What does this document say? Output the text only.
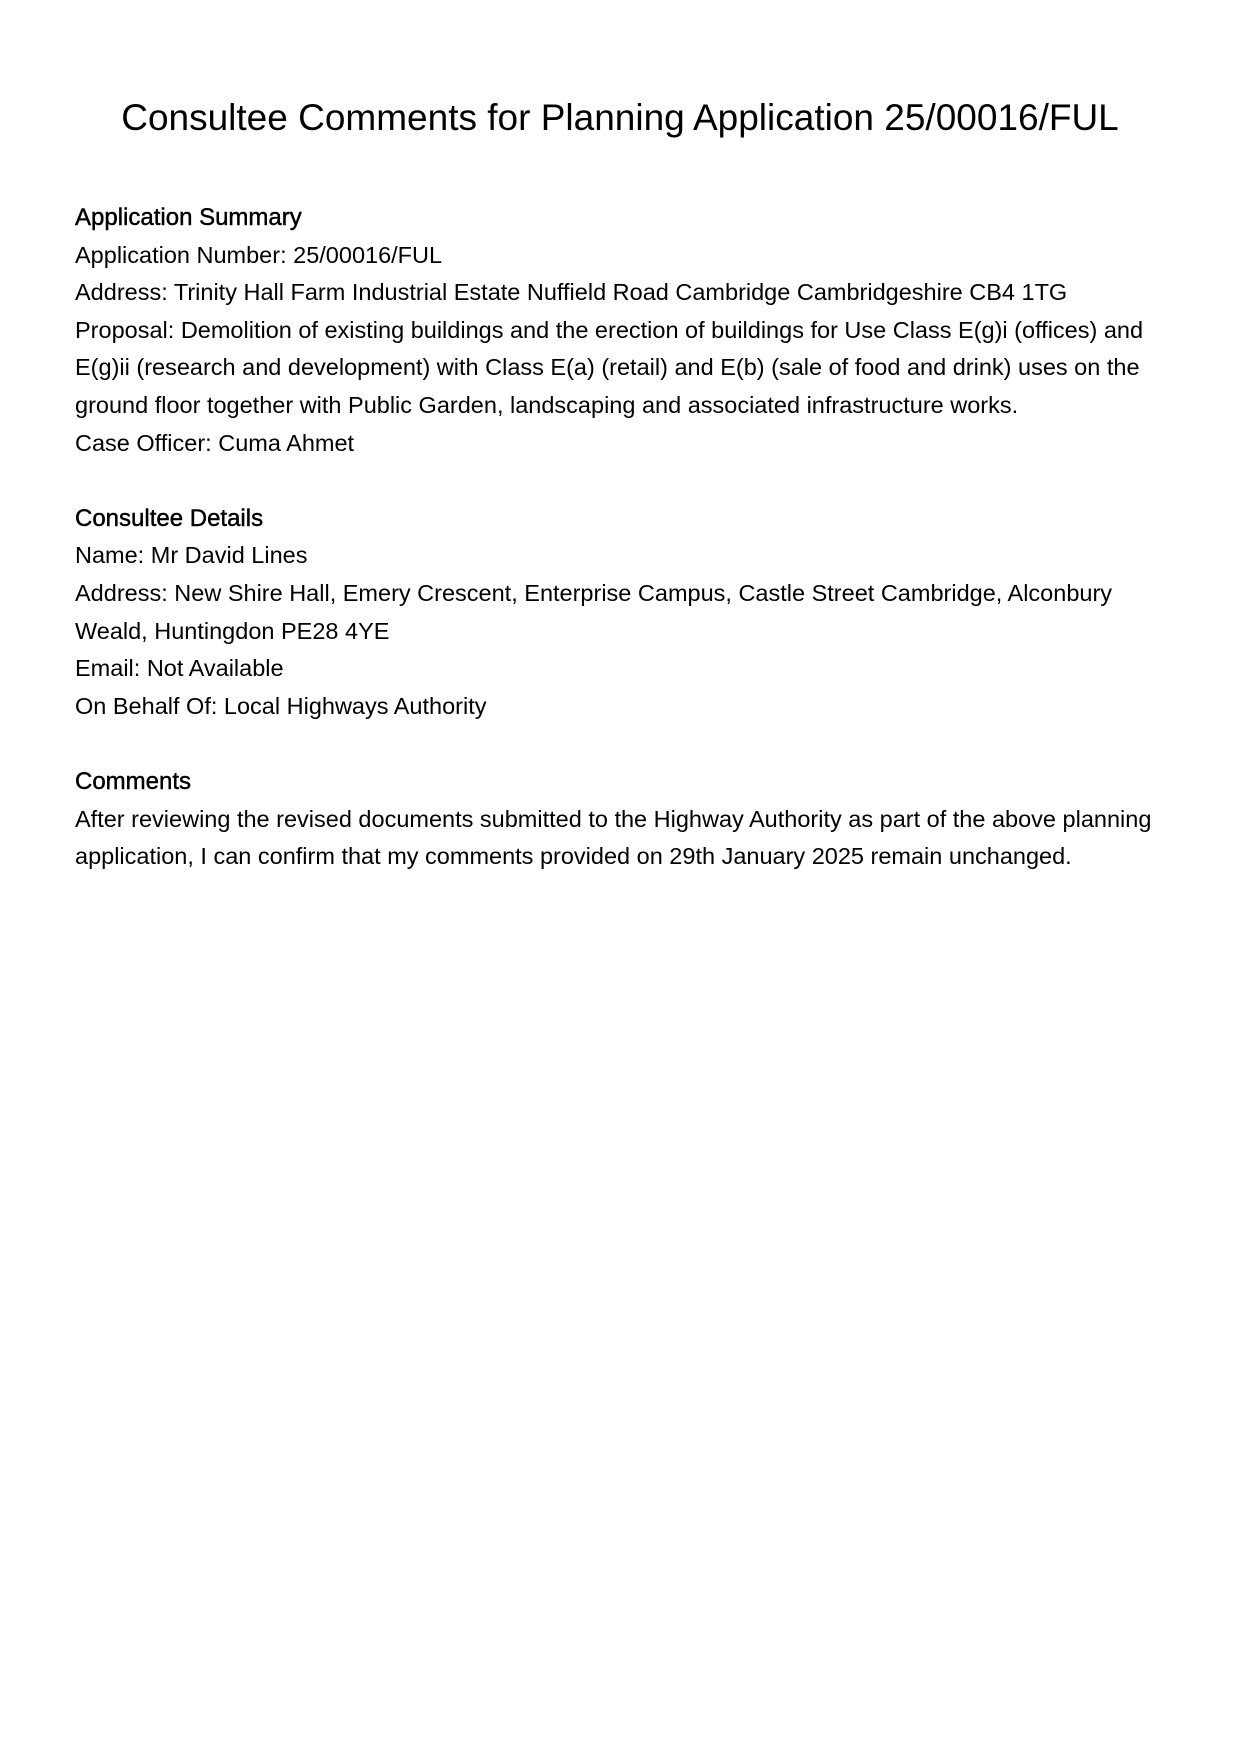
Consultee Comments for Planning Application 25/00016/FUL
Application Summary

Application Number: 25/00016/FUL

Address: Trinity Hall Farm Industrial Estate Nuffield Road Cambridge Cambridgeshire CB4 1TG

Proposal: Demolition of existing buildings and the erection of buildings for Use Class E(g)i (offices) and E(g)ii (research and development) with Class E(a) (retail) and E(b) (sale of food and drink) uses on the ground floor together with Public Garden, landscaping and associated infrastructure works.

Case Officer: Cuma Ahmet

Consultee Details

Name: Mr David Lines

Address: New Shire Hall, Emery Crescent, Enterprise Campus, Castle Street Cambridge, Alconbury Weald, Huntingdon PE28 4YE

Email: Not Available

On Behalf Of: Local Highways Authority

Comments

After reviewing the revised documents submitted to the Highway Authority as part of the above planning application, I can confirm that my comments provided on 29th January 2025 remain unchanged.
